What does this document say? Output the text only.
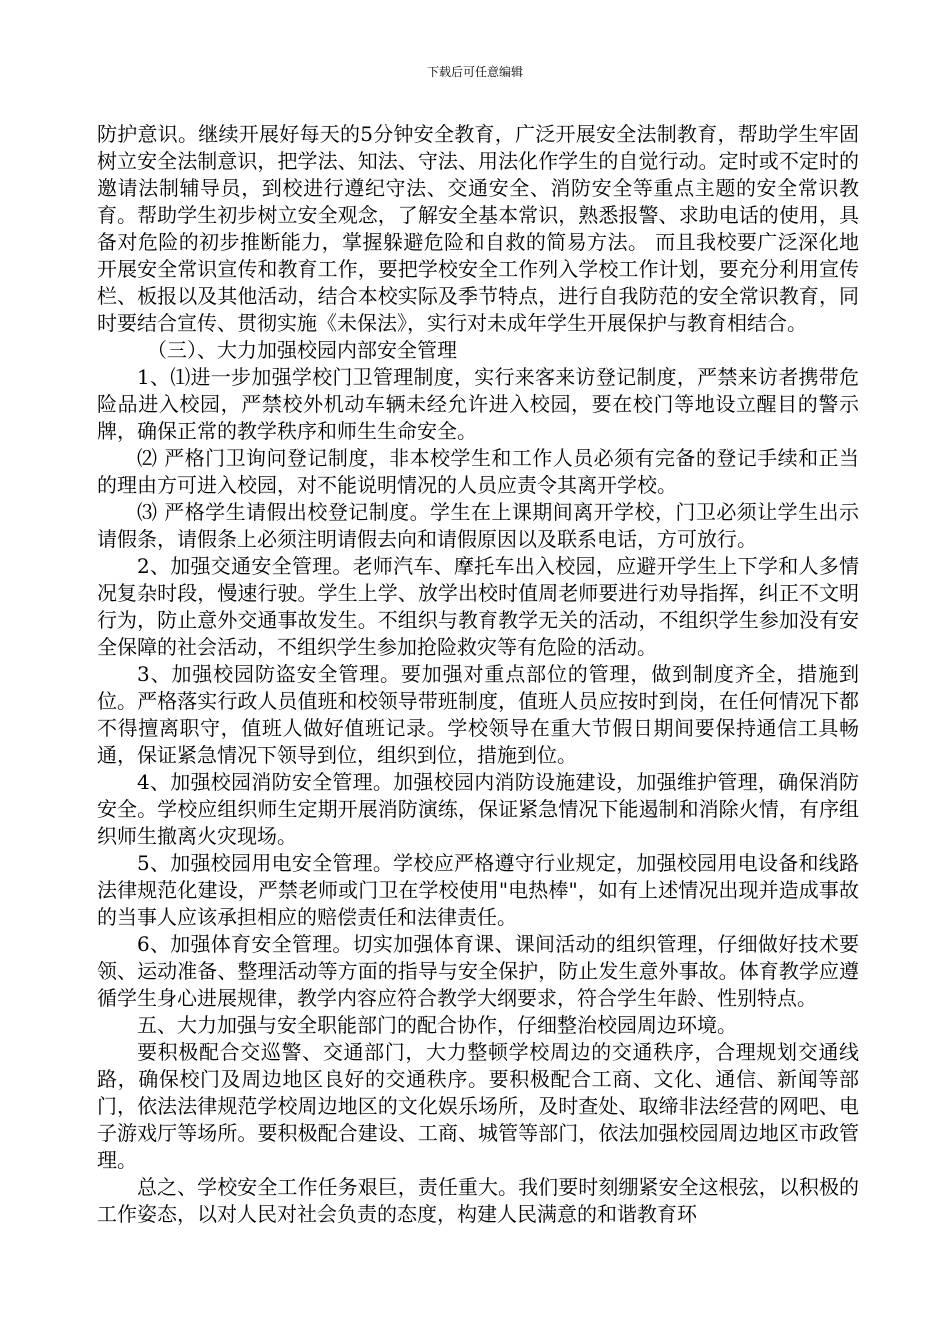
下载后可任意编辑

防护意识。继续开展好每天的5分钟安全教育，广泛开展安全法制教育，帮助学生牢固树立安全法制意识，把学法、知法、守法、用法化作学生的自觉行动。定时或不定时的邀请法制辅导员，到校进行遵纪守法、交通安全、消防安全等重点主题的安全常识教育。帮助学生初步树立安全观念，了解安全基本常识，熟悉报警、求助电话的使用，具备对危险的初步推断能力，掌握躲避危险和自救的简易方法。 而且我校要广泛深化地开展安全常识宣传和教育工作，要把学校安全工作列入学校工作计划，要充分利用宣传栏、板报以及其他活动，结合本校实际及季节特点，进行自我防范的安全常识教育，同时要结合宣传、贯彻实施《未保法》，实行对未成年学生开展保护与教育相结合。

（三）、大力加强校园内部安全管理

1、⑴进一步加强学校门卫管理制度，实行来客来访登记制度，严禁来访者携带危险品进入校园，严禁校外机动车辆未经允许进入校园，要在校门等地设立醒目的警示牌，确保正常的教学秩序和师生生命安全。

⑵ 严格门卫询问登记制度，非本校学生和工作人员必须有完备的登记手续和正当的理由方可进入校园，对不能说明情况的人员应责令其离开学校。

⑶ 严格学生请假出校登记制度。学生在上课期间离开学校，门卫必须让学生出示请假条，请假条上必须注明请假去向和请假原因以及联系电话，方可放行。

2、加强交通安全管理。老师汽车、摩托车出入校园，应避开学生上下学和人多情况复杂时段，慢速行驶。学生上学、放学出校时值周老师要进行劝导指挥，纠正不文明行为，防止意外交通事故发生。不组织与教育教学无关的活动，不组织学生参加没有安全保障的社会活动，不组织学生参加抢险救灾等有危险的活动。

3、加强校园防盗安全管理。要加强对重点部位的管理，做到制度齐全，措施到位。严格落实行政人员值班和校领导带班制度，值班人员应按时到岗，在任何情况下都不得擅离职守，值班人做好值班记录。学校领导在重大节假日期间要保持通信工具畅通，保证紧急情况下领导到位，组织到位，措施到位。

4、加强校园消防安全管理。加强校园内消防设施建设，加强维护管理，确保消防安全。学校应组织师生定期开展消防演练，保证紧急情况下能遏制和消除火情，有序组织师生撤离火灾现场。

5、加强校园用电安全管理。学校应严格遵守行业规定，加强校园用电设备和线路法律规范化建设，严禁老师或门卫在学校使用"电热棒"，如有上述情况出现并造成事故的当事人应该承担相应的赔偿责任和法律责任。

6、加强体育安全管理。切实加强体育课、课间活动的组织管理，仔细做好技术要领、运动准备、整理活动等方面的指导与安全保护，防止发生意外事故。体育教学应遵循学生身心进展规律，教学内容应符合教学大纲要求，符合学生年龄、性别特点。

五、大力加强与安全职能部门的配合协作，仔细整治校园周边环境。

要积极配合交巡警、交通部门，大力整顿学校周边的交通秩序，合理规划交通线路，确保校门及周边地区良好的交通秩序。要积极配合工商、文化、通信、新闻等部门，依法法律规范学校周边地区的文化娱乐场所，及时查处、取缔非法经营的网吧、电子游戏厅等场所。要积极配合建设、工商、城管等部门，依法加强校园周边地区市政管理。

总之、学校安全工作任务艰巨，责任重大。我们要时刻绷紧安全这根弦，以积极的工作姿态，以对人民对社会负责的态度，构建人民满意的和谐教育环
